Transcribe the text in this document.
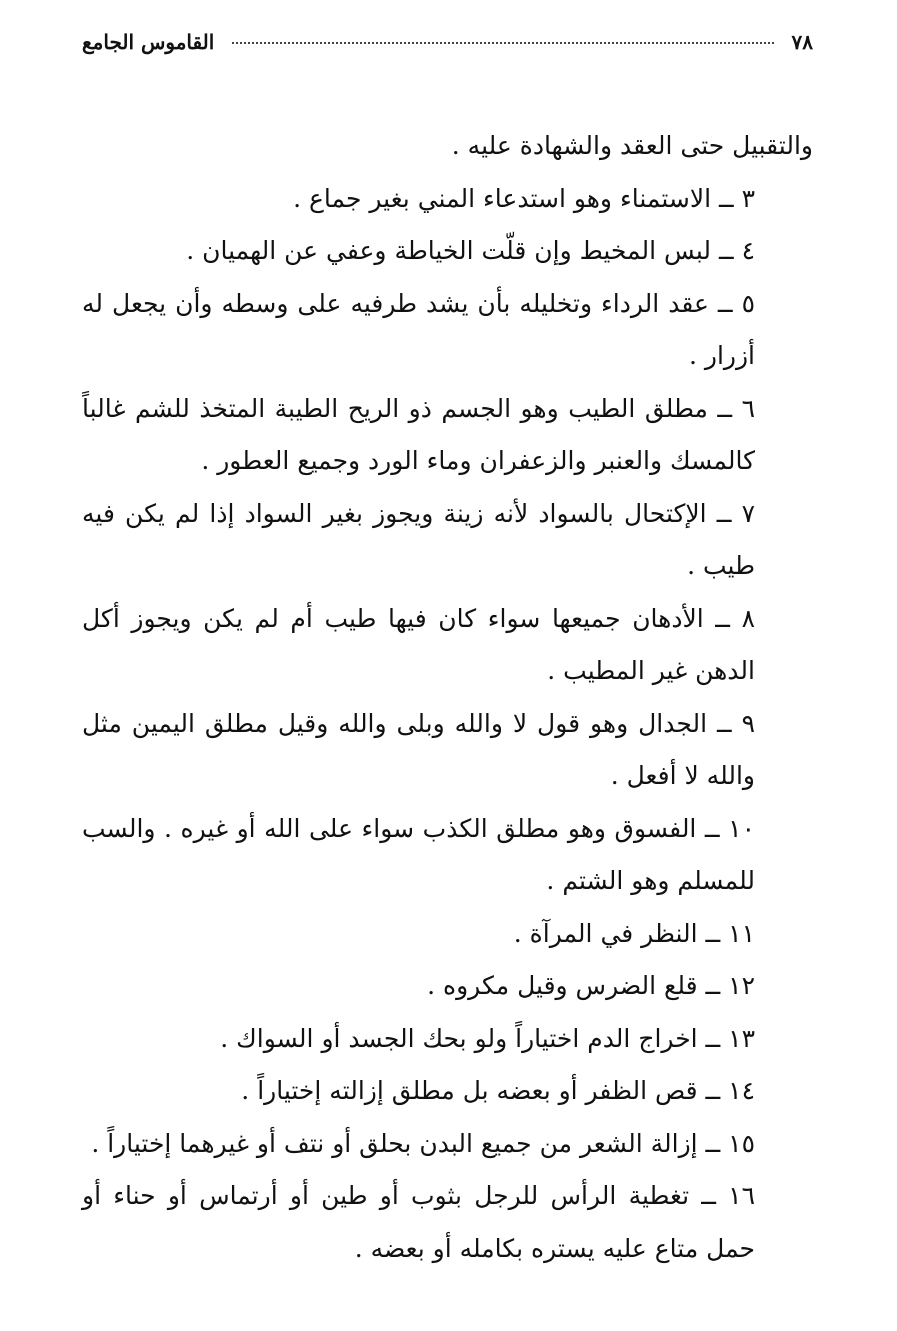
٧٨
القاموس الجامع

والتقبيل حتى العقد والشهادة عليه .

٣ ــ الاستمناء وهو استدعاء المني بغير جماع .

٤ ــ لبس المخيط وإن قلّت الخياطة وعفي عن الهميان .

٥ ــ عقد الرداء وتخليله بأن يشد طرفيه على وسطه وأن يجعل له أزرار .

٦ ــ مطلق الطيب وهو الجسم ذو الريح الطيبة المتخذ للشم غالباً كالمسك والعنبر والزعفران وماء الورد وجميع العطور .

٧ ــ الإكتحال بالسواد لأنه زينة ويجوز بغير السواد إذا لم يكن فيه طيب .

٨ ــ الأدهان جميعها سواء كان فيها طيب أم لم يكن ويجوز أكل الدهن غير المطيب .

٩ ــ الجدال وهو قول لا والله وبلى والله وقيل مطلق اليمين مثل والله لا أفعل .

١٠ ــ الفسوق وهو مطلق الكذب سواء على الله أو غيره . والسب للمسلم وهو الشتم .

١١ ــ النظر في المرآة .

١٢ ــ قلع الضرس وقيل مكروه .

١٣ ــ اخراج الدم اختياراً ولو بحك الجسد أو السواك .

١٤ ــ قص الظفر أو بعضه بل مطلق إزالته إختياراً .

١٥ ــ إزالة الشعر من جميع البدن بحلق أو نتف أو غيرهما إختياراً .

١٦ ــ تغطية الرأس للرجل بثوب أو طين أو أرتماس أو حناء أو حمل متاع عليه يستره بكامله أو بعضه .
